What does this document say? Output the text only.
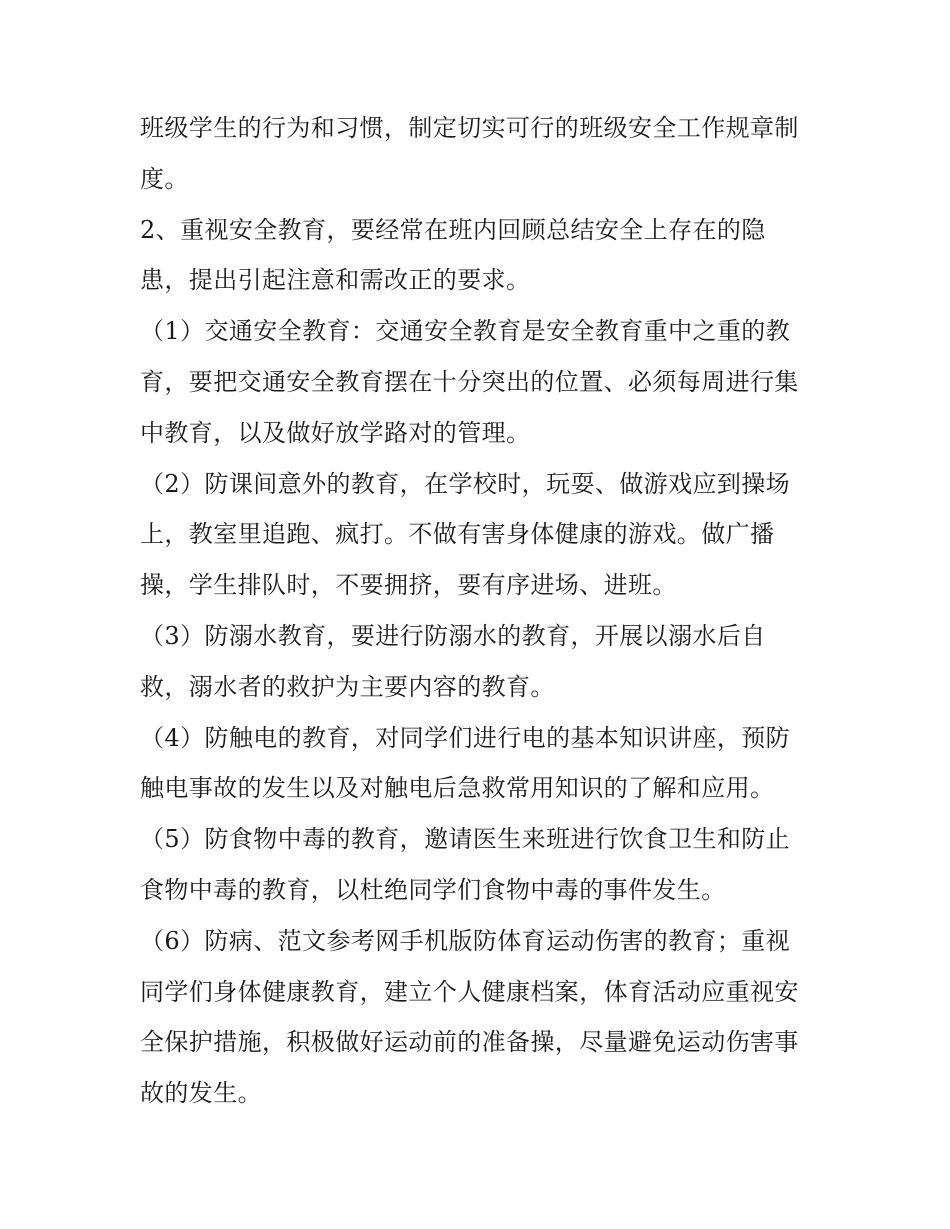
班级学生的行为和习惯，制定切实可行的班级安全工作规章制
度。
2、重视安全教育，要经常在班内回顾总结安全上存在的隐
患，提出引起注意和需改正的要求。
（1）交通安全教育：交通安全教育是安全教育重中之重的教
育，要把交通安全教育摆在十分突出的位置、必须每周进行集
中教育，以及做好放学路对的管理。
（2）防课间意外的教育，在学校时，玩耍、做游戏应到操场
上，教室里追跑、疯打。不做有害身体健康的游戏。做广播
操，学生排队时，不要拥挤，要有序进场、进班。
（3）防溺水教育，要进行防溺水的教育，开展以溺水后自
救，溺水者的救护为主要内容的教育。
（4）防触电的教育，对同学们进行电的基本知识讲座，预防
触电事故的发生以及对触电后急救常用知识的了解和应用。
（5）防食物中毒的教育，邀请医生来班进行饮食卫生和防止
食物中毒的教育，以杜绝同学们食物中毒的事件发生。
（6）防病、范文参考网手机版防体育运动伤害的教育；重视
同学们身体健康教育，建立个人健康档案，体育活动应重视安
全保护措施，积极做好运动前的准备操，尽量避免运动伤害事
故的发生。
